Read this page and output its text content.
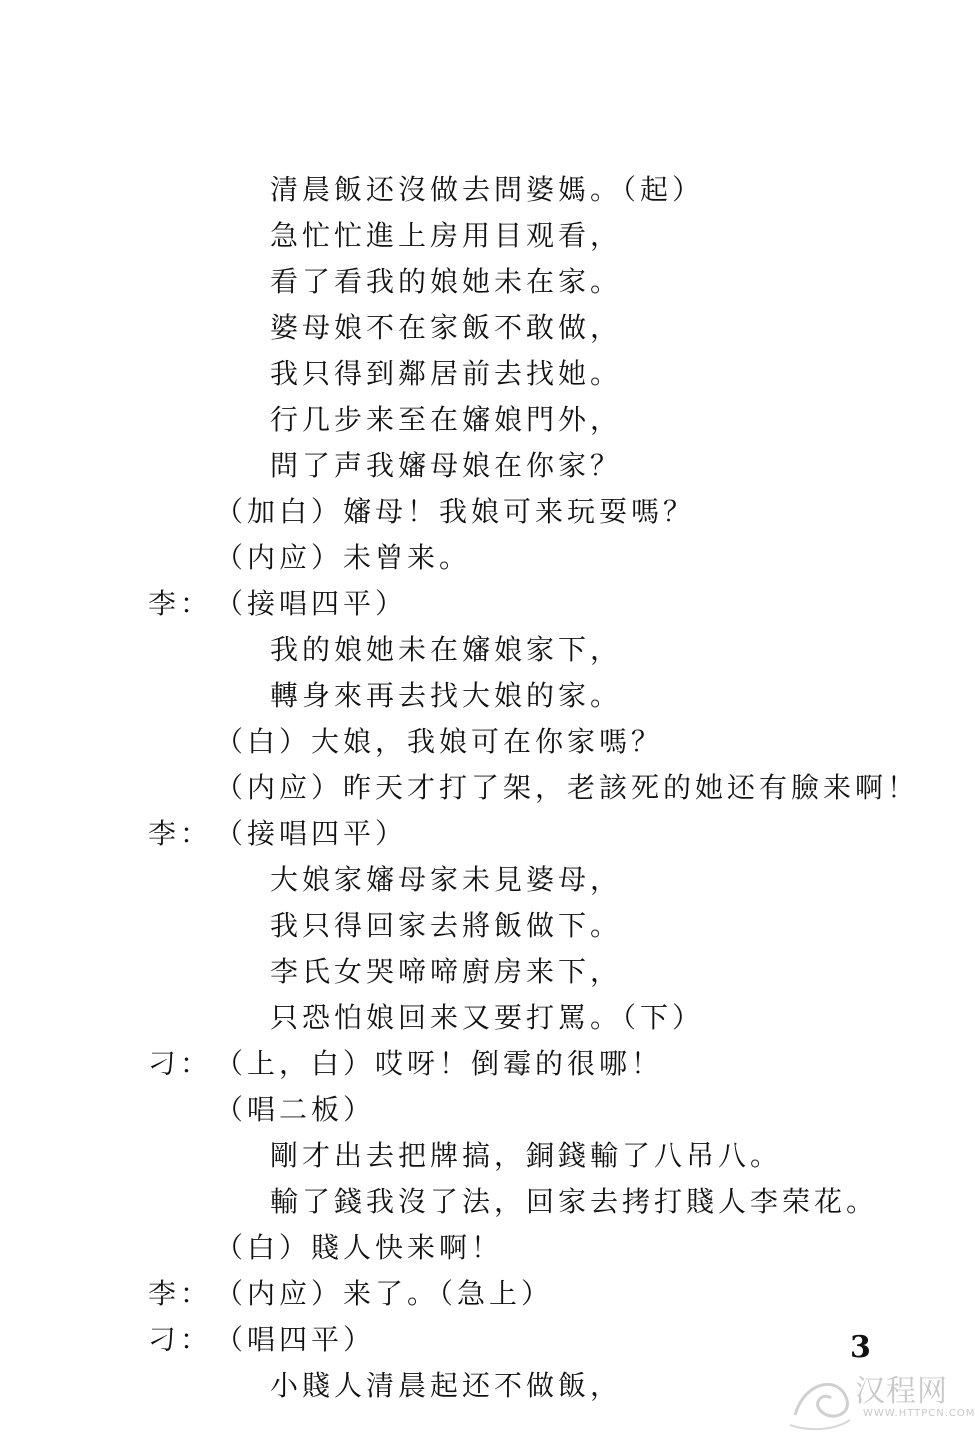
清晨飯还沒做去問婆媽。（起）
急忙忙進上房用目观看，
看了看我的娘她未在家。
婆母娘不在家飯不敢做，
我只得到鄰居前去找她。
行几步来至在嬸娘門外，
問了声我嬸母娘在你家？
（加白）嬸母！我娘可来玩耍嗎？
（内应）未曾来。
李： （接唱四平）
我的娘她未在嬸娘家下，
轉身來再去找大娘的家。
（白）大娘，我娘可在你家嗎？
（内应）昨天才打了架，老該死的她还有臉来啊！
李： （接唱四平）
大娘家嬸母家未見婆母，
我只得回家去將飯做下。
李氏女哭啼啼廚房来下，
只恐怕娘回来又要打罵。（下）
刁： （上，白）哎呀！倒霉的很哪！
（唱二板）
剛才出去把牌搞，銅錢輸了八吊八。
輸了錢我沒了法，回家去拷打賤人李荣花。
（白）賤人快来啊！
李： （内应）来了。（急上）
刁： （唱四平）
小賤人清晨起还不做飯，
3
汉程网
WWW.HTTPCN.COM
